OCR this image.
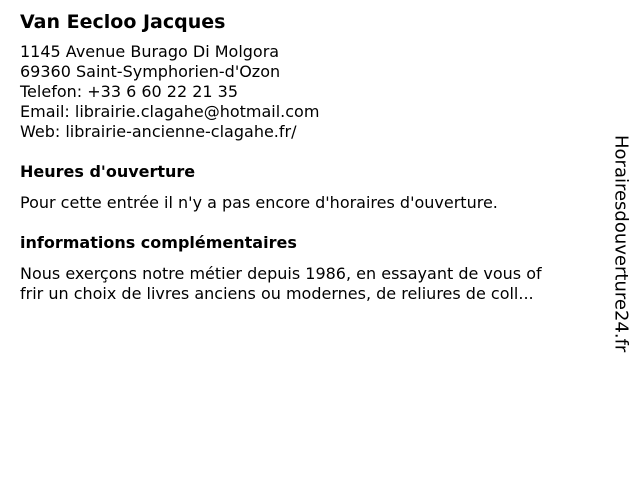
Van Eecloo Jacques
1145 Avenue Burago Di Molgora
69360 Saint-Symphorien-d'Ozon
Telefon: +33 6 60 22 21 35
Email: librairie.clagahe@hotmail.com
Web: librairie-ancienne-clagahe.fr/
Heures d'ouverture
Pour cette entrée il n'y a pas encore d'horaires d'ouverture.
informations complémentaires
Nous exerçons notre métier depuis 1986, en essayant de vous of
frir un choix de livres anciens ou modernes, de reliures de coll...	Horairesdouverture24.fr
